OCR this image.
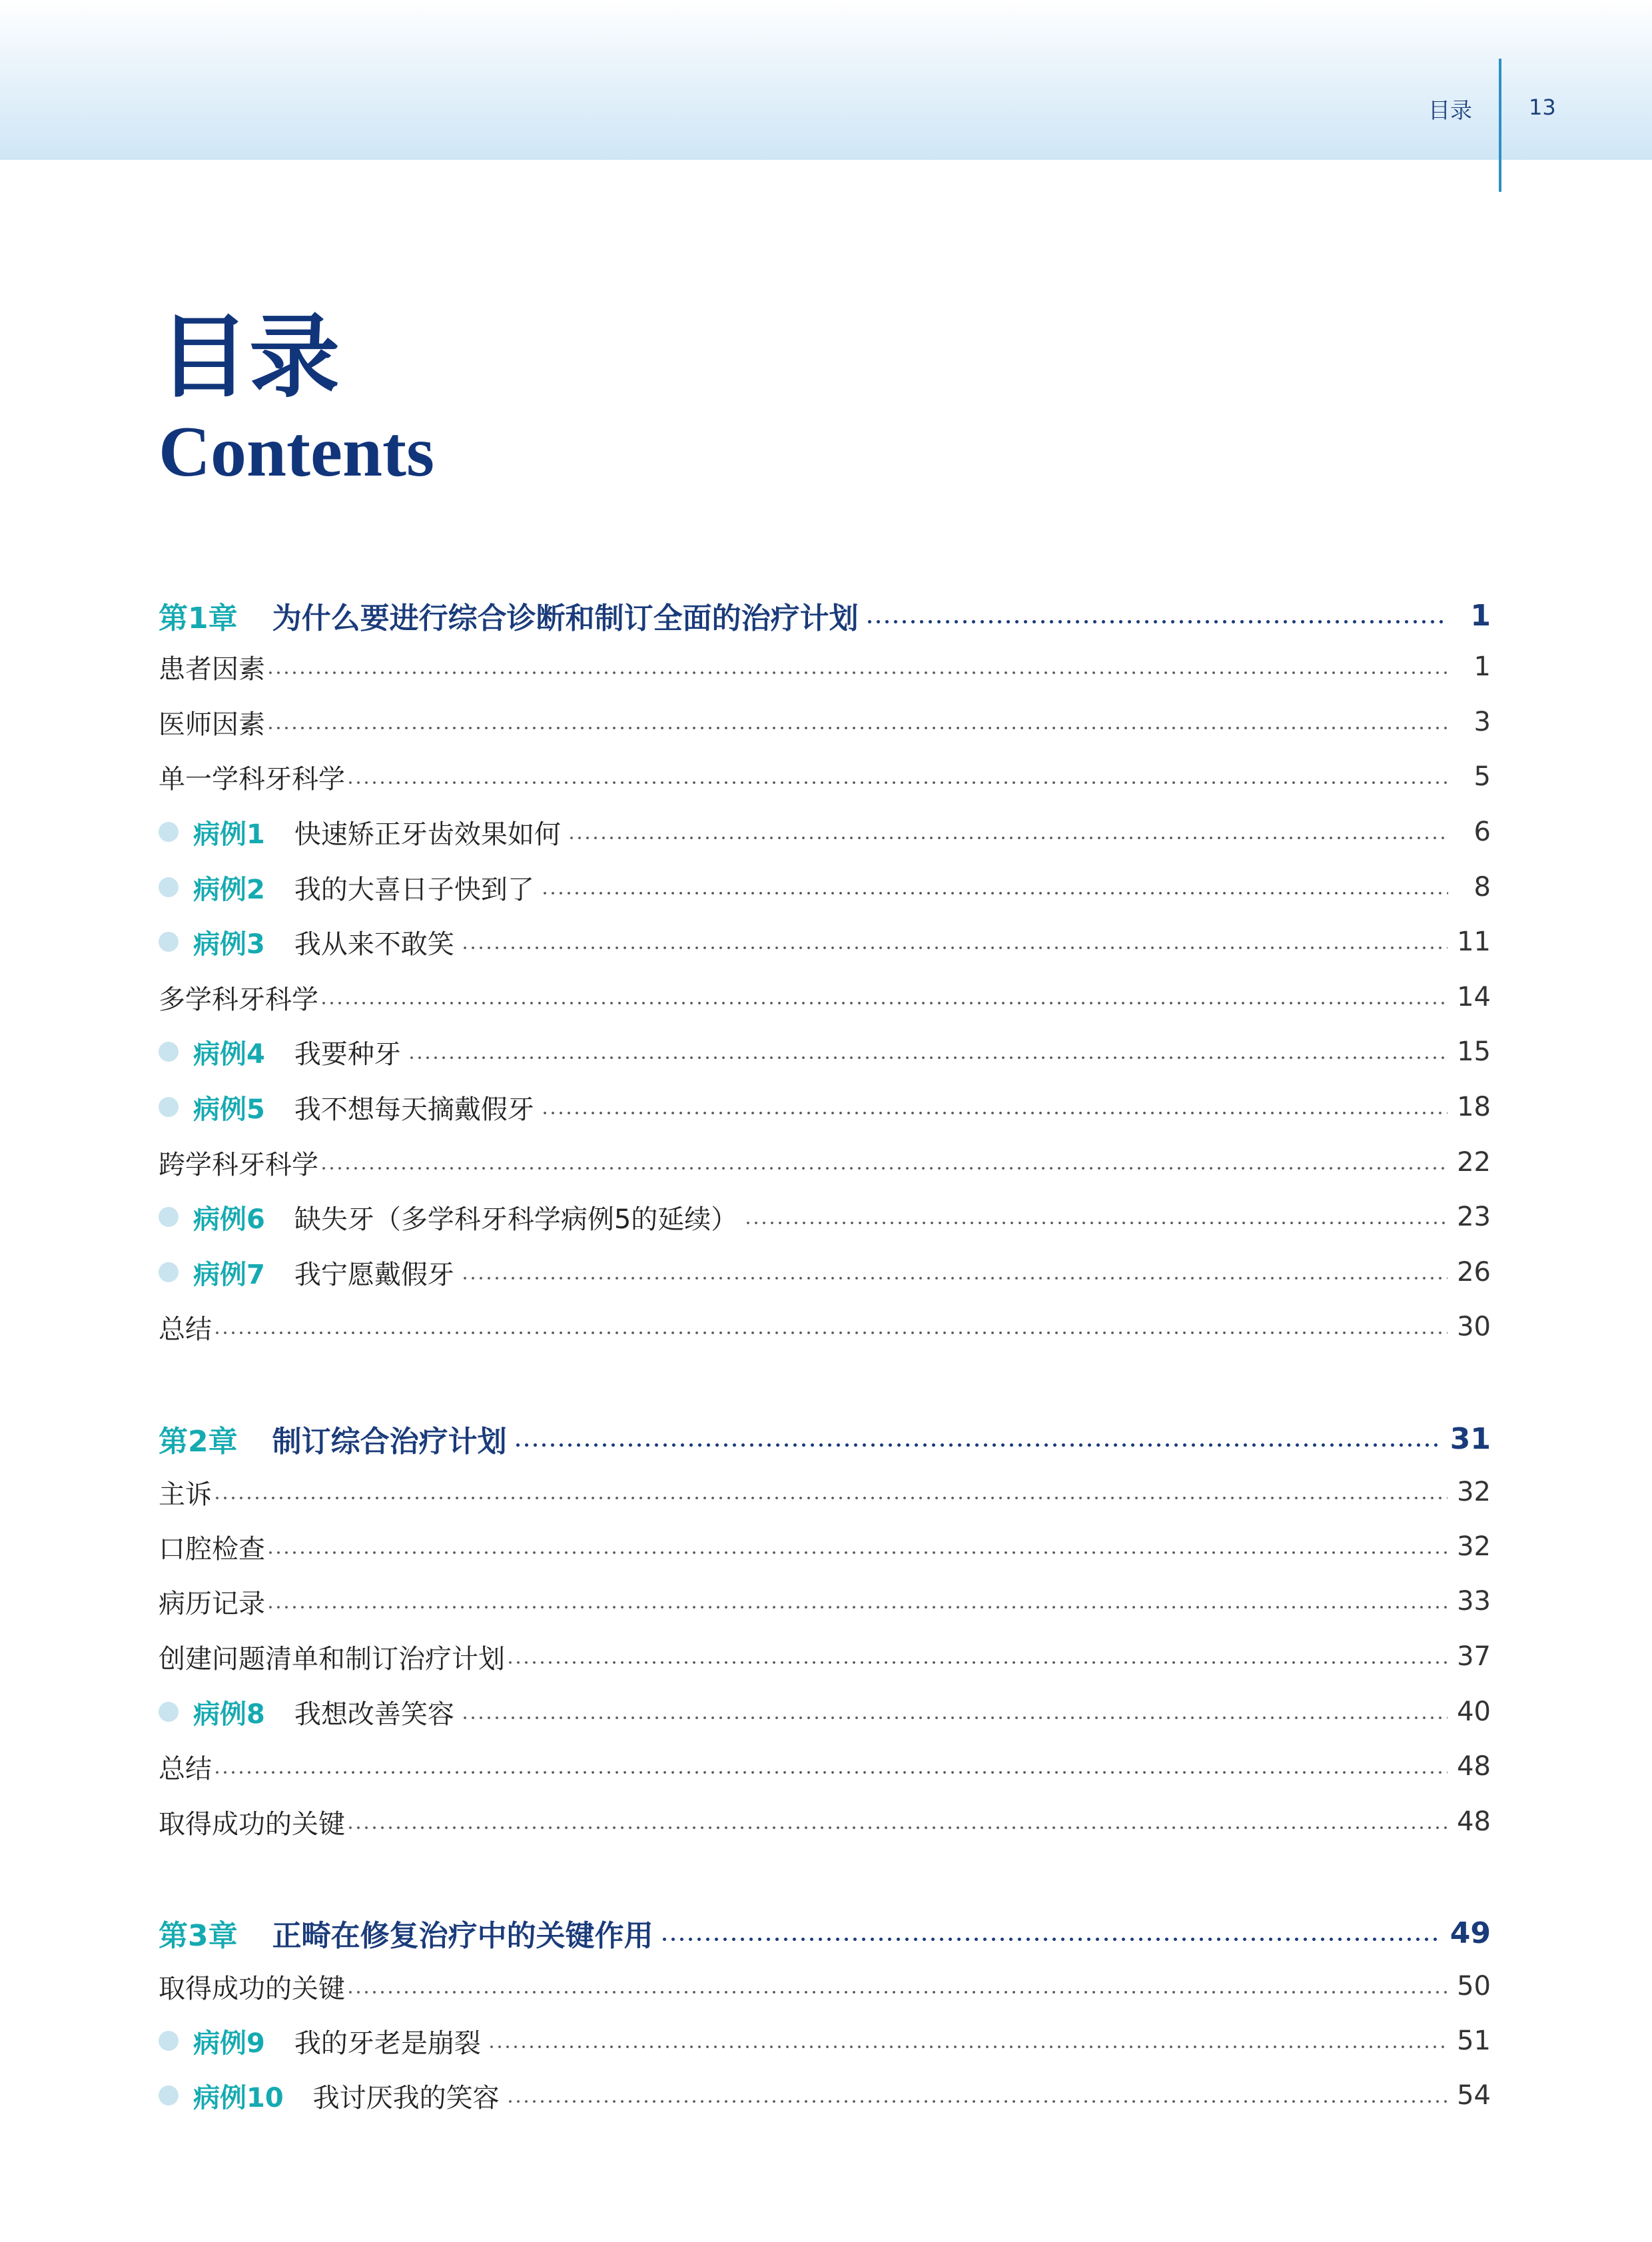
目录	13
目录
Contents
第1章 为什么要进行综合诊断和制订全面的治疗计划	1
患者因素	1
医师因素	3
单一学科牙科学	5
病例1 快速矫正牙齿效果如何	6
病例2 我的大喜日子快到了	8
病例3 我从来不敢笑	11
多学科牙科学	14
病例4 我要种牙	15
病例5 我不想每天摘戴假牙	18
跨学科牙科学	22
病例6 缺失牙（多学科牙科学病例5的延续）	23
病例7 我宁愿戴假牙	26
总结	30
第2章 制订综合治疗计划	31
主诉	32
口腔检查	32
病历记录	33
创建问题清单和制订治疗计划	37
病例8 我想改善笑容	40
总结	48
取得成功的关键	48
第3章 正畸在修复治疗中的关键作用	49
取得成功的关键	50
病例9 我的牙老是崩裂	51
病例10 我讨厌我的笑容	54
